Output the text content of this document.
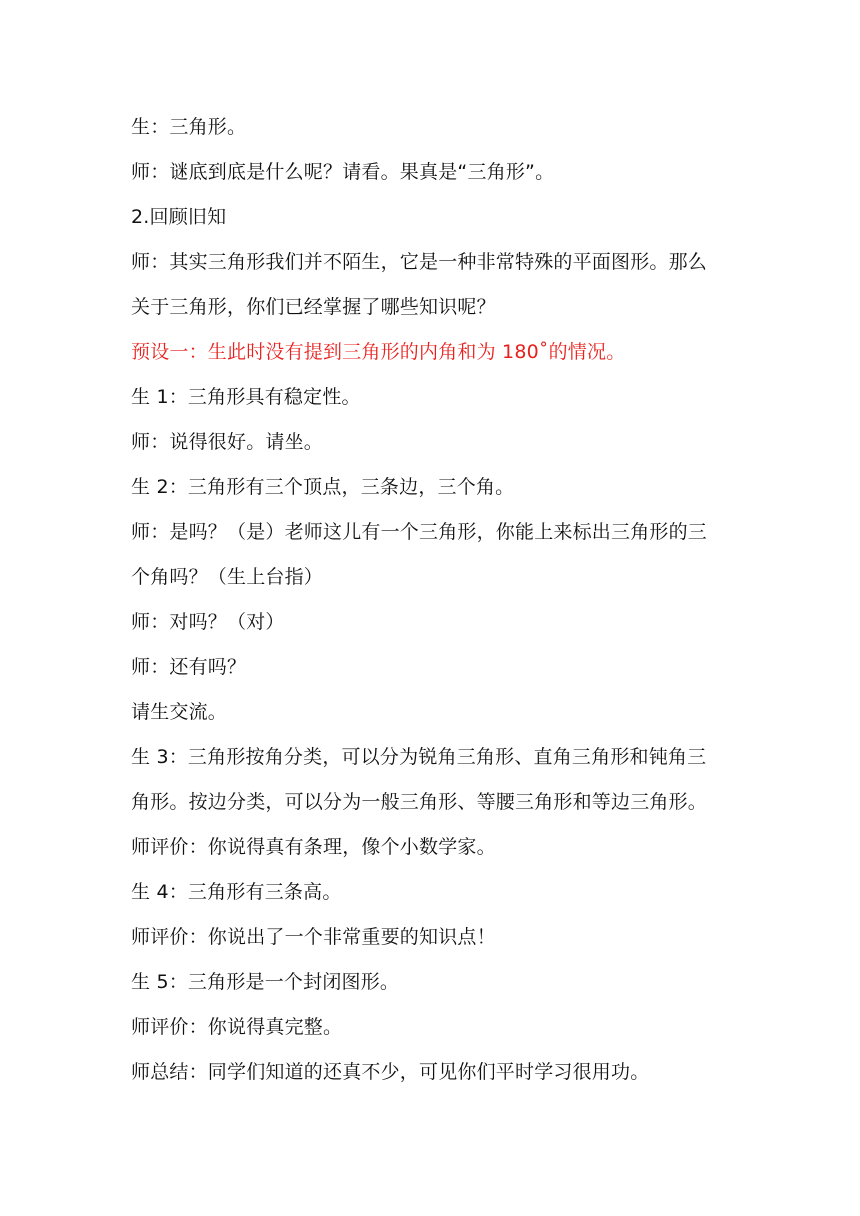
生：三角形。
师：谜底到底是什么呢？请看。果真是“三角形”。
2.回顾旧知
师：其实三角形我们并不陌生，它是一种非常特殊的平面图形。那么
关于三角形，你们已经掌握了哪些知识呢？
预设一：生此时没有提到三角形的内角和为 180˚的情况。
生 1：三角形具有稳定性。
师：说得很好。请坐。
生 2：三角形有三个顶点，三条边，三个角。
师：是吗？（是）老师这儿有一个三角形，你能上来标出三角形的三
个角吗？（生上台指）
师：对吗？（对）
师：还有吗？
请生交流。
生 3：三角形按角分类，可以分为锐角三角形、直角三角形和钝角三
角形。按边分类，可以分为一般三角形、等腰三角形和等边三角形。
师评价：你说得真有条理，像个小数学家。
生 4：三角形有三条高。
师评价：你说出了一个非常重要的知识点！
生 5：三角形是一个封闭图形。
师评价：你说得真完整。
师总结：同学们知道的还真不少，可见你们平时学习很用功。
